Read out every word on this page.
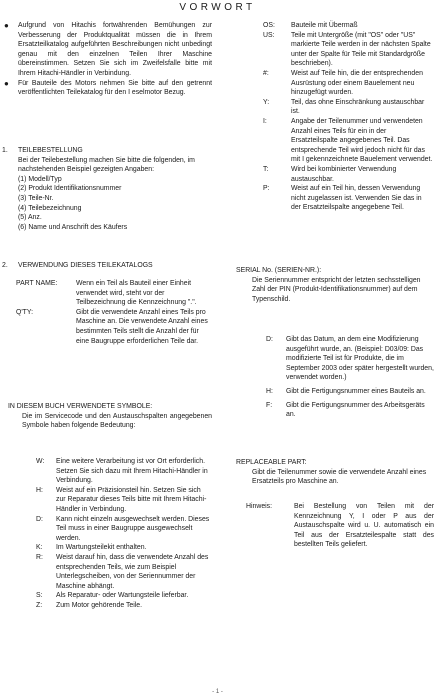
VORWORT
● Aufgrund von Hitachis fortwährenden Bemühungen zur Verbesserung der Produktqualität müssen die in Ihrem Ersatzteilkatalog aufgeführten Beschreibungen nicht unbedingt genau mit den einzelnen Teilen Ihrer Maschine übereinstimmen. Setzen Sie sich im Zweifelsfalle bitte mit Ihrem Hitachi-Händler in Verbindung.
● Für Bauteile des Motors nehmen Sie bitte auf den getrennt veröffentlichten Teilekatalog für den I eselmotor Bezug.
1. TEILEBESTELLUNG
Bei der Teilebestellung machen Sie bitte die folgenden, im nachstehenden Beispiel gezeigten Angaben:
(1) Modell/Typ
(2) Produkt Identifikationsnummer
(3) Teile-Nr.
(4) Teilebezeichnung
(5) Anz.
(6) Name und Anschrift des Käufers
2. VERWENDUNG DIESES TEILEKATALOGS
PART NAME:	Wenn ein Teil als Bauteil einer Einheit verwendet wird, steht vor der Teilbezeichnung die Kennzeichnung ".".
Q'TY:	Gibt die verwendete Anzahl eines Teils pro Maschine an. Die verwendete Anzahl eines bestimmten Teils stellt die Anzahl der für eine Baugruppe erforderlichen Teile dar.
IN DIESEM BUCH VERWENDETE SYMBOLE:
Die im Servicecode und den Austauschspalten angegebenen Symbole haben folgende Bedeutung:
W: Eine weitere Verarbeitung ist vor Ort erforderlich. Setzen Sie sich dazu mit Ihrem Hitachi-Händler in Verbindung.
H: Weist auf ein Präzisionsteil hin. Setzen Sie sich zur Reparatur dieses Teils bitte mit Ihrem Hitachi-Händler in Verbindung.
D: Kann nicht einzeln ausgewechselt werden. Dieses Teil muss in einer Baugruppe ausgewechselt werden.
K: Im Wartungsteilekit enthalten.
R: Weist darauf hin, dass die verwendete Anzahl des entsprechenden Teils, wie zum Beispiel Unterlegscheiben, von der Seriennummer der Maschine abhängt.
S: Als Reparatur- oder Wartungsteile lieferbar.
Z: Zum Motor gehörende Teile.
OS: Bauteile mit Übermaß
US: Teile mit Untergröße (mit "OS" oder "US" markierte Teile werden in der nächsten Spalte unter der Spalte für Teile mit Standardgröße beschrieben).
#:	Weist auf Teile hin, die der entsprechenden Ausrüstung oder einem Bauelement neu hinzugefügt wurden.
Y:	Teil, das ohne Einschränkung austauschbar ist.
I:	Angabe der Teilenummer und verwendeten Anzahl eines Teils für ein in der Ersatzteilspalte angegebenes Teil. Das entsprechende Teil wird jedoch nicht für das mit I gekennzeichnete Bauelement verwendet.
T:	Wird bei kombinierter Verwendung austauschbar.
P:	Weist auf ein Teil hin, dessen Verwendung nicht zugelassen ist. Verwenden Sie das in der Ersatzteilspalte angegebene Teil.
SERIAL No. (SERIEN-NR.):
Die Seriennummer entspricht der letzten sechsstelligen Zahl der PIN (Produkt-Identifikationsnummer) auf dem Typenschild.
D: Gibt das Datum, an dem eine Modifizierung ausgeführt wurde, an. (Beispiel: D03/09: Das modifizierte Teil ist für Produkte, die im September 2003 oder später hergestellt wurden, verwendet worden.)
H: Gibt die Fertigungsnummer eines Bauteils an.
F: Gibt die Fertigungsnummer des Arbeitsgeräts an.
REPLACEABLE PART:
Gibt die Teilenummer sowie die verwendete Anzahl eines Ersatzteils pro Maschine an.
Hinweis:	Bei Bestellung von Teilen mit der Kennzeichnung Y, I oder P aus der Austauschspalte wird u. U. automatisch ein Teil aus der Ersatzteilespalte statt des bestellten Teils geliefert.
- 1 -
